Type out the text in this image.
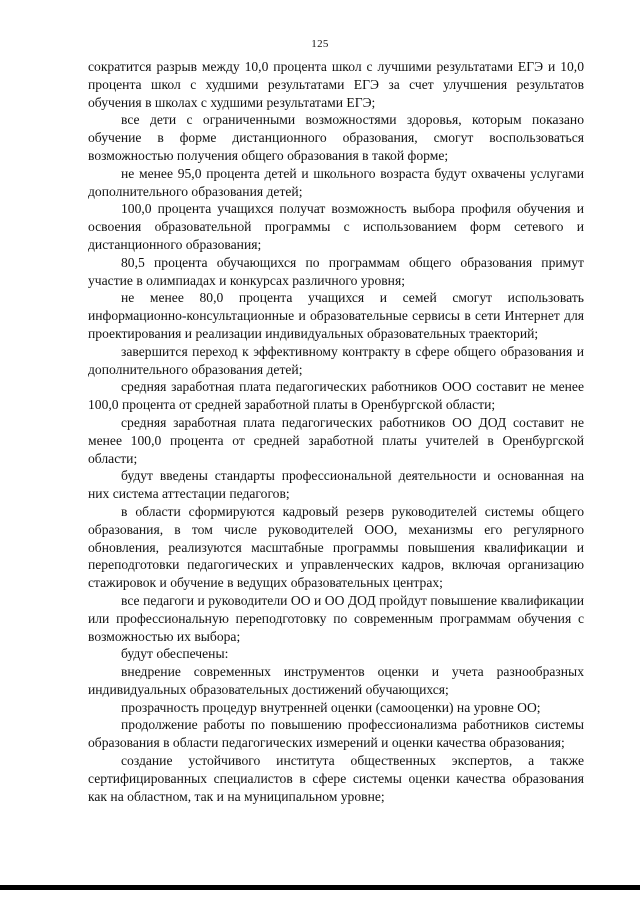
125

сократится разрыв между 10,0 процента школ с лучшими результатами ЕГЭ и 10,0 процента школ с худшими результатами ЕГЭ за счет улучшения результатов обучения в школах с худшими результатами ЕГЭ;

все дети с ограниченными возможностями здоровья, которым показано обучение в форме дистанционного образования, смогут воспользоваться возможностью получения общего образования в такой форме;

не менее 95,0 процента детей и школьного возраста будут охвачены услугами дополнительного образования детей;

100,0 процента учащихся получат возможность выбора профиля обучения и освоения образовательной программы с использованием форм сетевого и дистанционного образования;

80,5 процента обучающихся по программам общего образования примут участие в олимпиадах и конкурсах различного уровня;

не менее 80,0 процента учащихся и семей смогут использовать информационно-консультационные и образовательные сервисы в сети Интернет для проектирования и реализации индивидуальных образовательных траекторий;

завершится переход к эффективному контракту в сфере общего образования и дополнительного образования детей;

средняя заработная плата педагогических работников ООО составит не менее 100,0 процента от средней заработной платы в Оренбургской области;

средняя заработная плата педагогических работников ОО ДОД составит не менее 100,0 процента от средней заработной платы учителей в Оренбургской области;

будут введены стандарты профессиональной деятельности и основанная на них система аттестации педагогов;

в области сформируются кадровый резерв руководителей системы общего образования, в том числе руководителей ООО, механизмы его регулярного обновления, реализуются масштабные программы повышения квалификации и переподготовки педагогических и управленческих кадров, включая организацию стажировок и обучение в ведущих образовательных центрах;

все педагоги и руководители ОО и ОО ДОД пройдут повышение квалификации или профессиональную переподготовку по современным программам обучения с возможностью их выбора;

будут обеспечены:

внедрение современных инструментов оценки и учета разнообразных индивидуальных образовательных достижений обучающихся;

прозрачность процедур внутренней оценки (самооценки) на уровне ОО;

продолжение работы по повышению профессионализма работников системы образования в области педагогических измерений и оценки качества образования;

создание устойчивого института общественных экспертов, а также сертифицированных специалистов в сфере системы оценки качества образования как на областном, так и на муниципальном уровне;
